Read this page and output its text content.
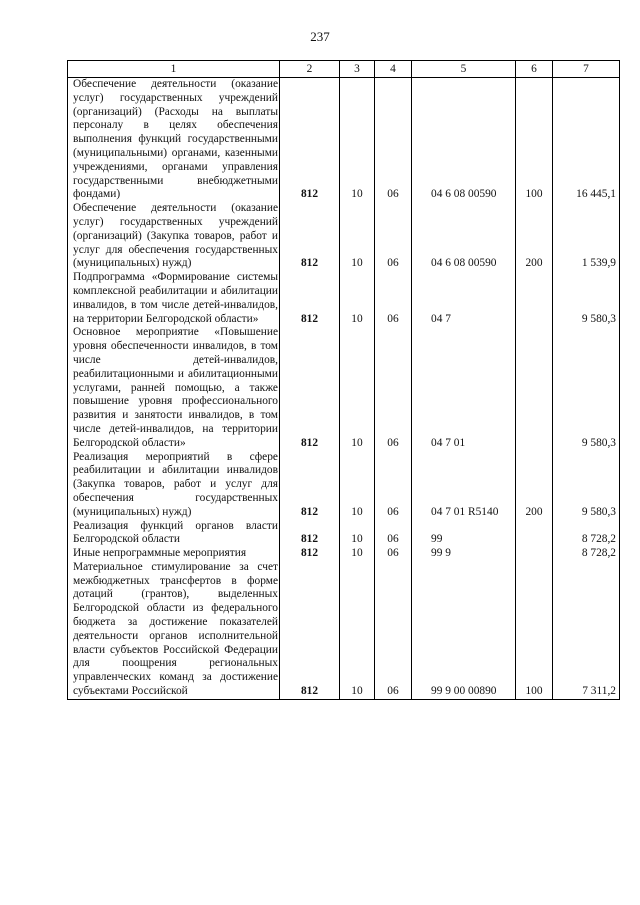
237
1	2	3	4	5	6	7
Обеспечение деятельности (оказание услуг) государственных учреждений (организаций) (Расходы на выплаты персоналу в целях обеспечения выполнения функций государственными (муниципальными) органами, казенными учреждениями, органами управления государственными внебюджетными фондами)	812	10	06	04 6 08 00590	100	16 445,1
Обеспечение деятельности (оказание услуг) государственных учреждений (организаций) (Закупка товаров, работ и услуг для обеспечения государственных (муниципальных) нужд)	812	10	06	04 6 08 00590	200	1 539,9
Подпрограмма «Формирование системы комплексной реабилитации и абилитации инвалидов, в том числе детей-инвалидов, на территории Белгородской области»	812	10	06	04 7		9 580,3
Основное мероприятие «Повышение уровня обеспеченности инвалидов, в том числе детей-инвалидов, реабилитационными и абилитационными услугами, ранней помощью, а также повышение уровня профессионального развития и занятости инвалидов, в том числе детей-инвалидов, на территории Белгородской области»	812	10	06	04 7 01		9 580,3
Реализация мероприятий в сфере реабилитации и абилитации инвалидов (Закупка товаров, работ и услуг для обеспечения государственных (муниципальных) нужд)	812	10	06	04 7 01 R5140	200	9 580,3
Реализация функций органов власти Белгородской области	812	10	06	99		8 728,2
Иные непрограммные мероприятия	812	10	06	99 9		8 728,2
Материальное стимулирование за счет межбюджетных трансфертов в форме дотаций (грантов), выделенных Белгородской области из федерального бюджета за достижение показателей деятельности органов исполнительной власти субъектов Российской Федерации для поощрения региональных управленческих команд за достижение субъектами Российской	812	10	06	99 9 00 00890	100	7 311,2
